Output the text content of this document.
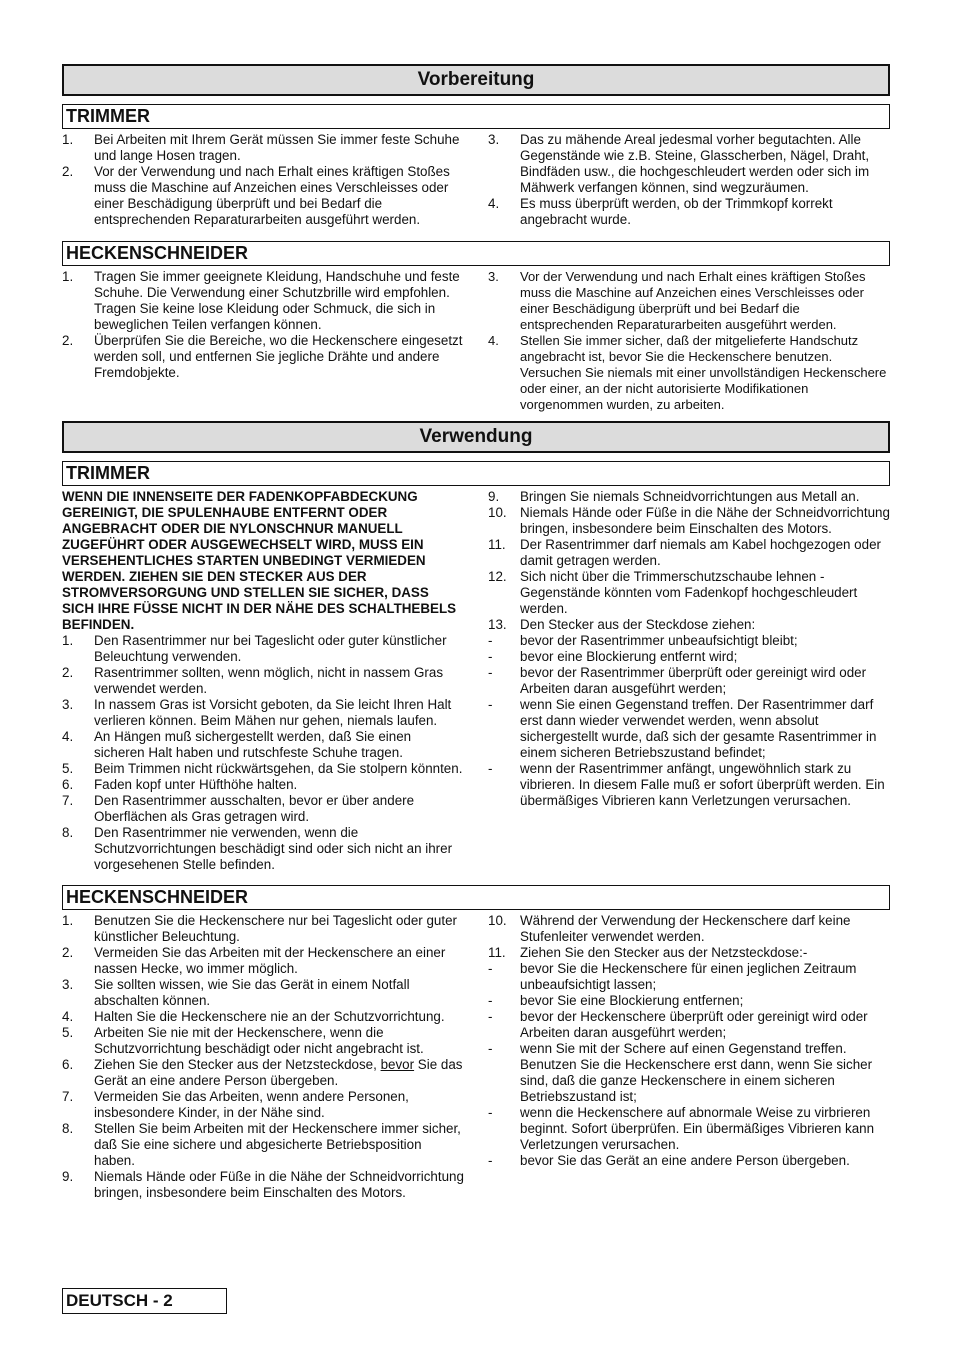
Vorbereitung
TRIMMER
1.	Bei Arbeiten mit Ihrem Gerät müssen Sie immer feste Schuhe und lange Hosen tragen.
2.	Vor der Verwendung und nach Erhalt eines kräftigen Stoßes muss die Maschine auf Anzeichen eines Verschleisses oder einer Beschädigung überprüft und bei Bedarf die entsprechenden Reparaturarbeiten ausgeführt werden.
3.	Das zu mähende Areal jedesmal vorher begutachten. Alle Gegenstände wie z.B. Steine, Glasscherben, Nägel, Draht, Bindfäden usw., die hochgeschleudert werden oder sich im Mähwerk verfangen können, sind wegzuräumen.
4.	Es muss überprüft werden, ob der Trimmkopf korrekt angebracht wurde.
HECKENSCHNEIDER
1.	Tragen Sie immer geeignete Kleidung, Handschuhe und feste Schuhe. Die Verwendung einer Schutzbrille wird empfohlen. Tragen Sie keine lose Kleidung oder Schmuck, die sich in beweglichen Teilen verfangen können.
2.	Überprüfen Sie die Bereiche, wo die Heckenschere eingesetzt werden soll, und entfernen Sie jegliche Drähte und andere Fremdobjekte.
3.	Vor der Verwendung und nach Erhalt eines kräftigen Stoßes muss die Maschine auf Anzeichen eines Verschleisses oder einer Beschädigung überprüft und bei Bedarf die entsprechenden Reparaturarbeiten ausgeführt werden.
4.	Stellen Sie immer sicher, daß der mitgelieferte Handschutz angebracht ist, bevor Sie die Heckenschere benutzen. Versuchen Sie niemals mit einer unvollständigen Heckenschere oder einer, an der nicht autorisierte Modifikationen vorgenommen wurden, zu arbeiten.
Verwendung
TRIMMER
WENN DIE INNENSEITE DER FADENKOPFABDECKUNG GEREINIGT, DIE SPULENHAUBE ENTFERNT ODER ANGEBRACHT ODER DIE NYLONSCHNUR MANUELL ZUGEFÜHRT ODER AUSGEWECHSELT WIRD, MUSS EIN VERSEHENTLICHES STARTEN UNBEDINGT VERMIEDEN WERDEN. ZIEHEN SIE DEN STECKER AUS DER STROMVERSORGUNG UND STELLEN SIE SICHER, DASS SICH IHRE FÜSSE NICHT IN DER NÄHE DES SCHALTHEBELS BEFINDEN.
1.	Den Rasentrimmer nur bei Tageslicht oder guter künstlicher Beleuchtung verwenden.
2.	Rasentrimmer sollten, wenn möglich, nicht in nassem Gras verwendet werden.
3.	In nassem Gras ist Vorsicht geboten, da Sie leicht Ihren Halt verlieren können. Beim Mähen nur gehen, niemals laufen.
4.	An Hängen muß sichergestellt werden, daß Sie einen sicheren Halt haben und rutschfeste Schuhe tragen.
5.	Beim Trimmen nicht rückwärtsgehen, da Sie stolpern könnten.
6.	Faden kopf unter Hüfthöhe halten.
7.	Den Rasentrimmer ausschalten, bevor er über andere Oberflächen als Gras getragen wird.
8.	Den Rasentrimmer nie verwenden, wenn die Schutzvorrichtungen beschädigt sind oder sich nicht an ihrer vorgesehenen Stelle befinden.
9.	Bringen Sie niemals Schneidvorrichtungen aus Metall an.
10. Niemals Hände oder Füße in die Nähe der Schneidvorrichtung bringen, insbesondere beim Einschalten des Motors.
11.	Der Rasentrimmer darf niemals am Kabel hochgezogen oder damit getragen werden.
12. Sich nicht über die Trimmerschutzschaube lehnen - Gegenstände könnten vom Fadenkopf hochgeschleudert werden.
13. Den Stecker aus der Steckdose ziehen:
-	bevor der Rasentrimmer unbeaufsichtigt bleibt;
-	bevor eine Blockierung entfernt wird;
-	bevor der Rasentrimmer überprüft oder gereinigt wird oder Arbeiten daran ausgeführt werden;
-	wenn Sie einen Gegenstand treffen. Der Rasentrimmer darf erst dann wieder verwendet werden, wenn absolut sichergestellt wurde, daß sich der gesamte Rasentrimmer in einem sicheren Betriebszustand befindet;
-	wenn der Rasentrimmer anfängt, ungewöhnlich stark zu vibrieren. In diesem Falle muß er sofort überprüft werden. Ein übermäßiges Vibrieren kann Verletzungen verursachen.
HECKENSCHNEIDER
1.	Benutzen Sie die Heckenschere nur bei Tageslicht oder guter künstlicher Beleuchtung.
2.	Vermeiden Sie das Arbeiten mit der Heckenschere an einer nassen Hecke, wo immer möglich.
3.	Sie sollten wissen, wie Sie das Gerät in einem Notfall abschalten können.
4.	Halten Sie die Heckenschere nie an der Schutzvorrichtung.
5.	Arbeiten Sie nie mit der Heckenschere, wenn die Schutzvorrichtung beschädigt oder nicht angebracht ist.
6.	Ziehen Sie den Stecker aus der Netzsteckdose, bevor Sie das Gerät an eine andere Person übergeben.
7.	Vermeiden Sie das Arbeiten, wenn andere Personen, insbesondere Kinder, in der Nähe sind.
8.	Stellen Sie beim Arbeiten mit der Heckenschere immer sicher, daß Sie eine sichere und abgesicherte Betriebsposition haben.
9.	Niemals Hände oder Füße in die Nähe der Schneidvorrichtung bringen, insbesondere beim Einschalten des Motors.
10. Während der Verwendung der Heckenschere darf keine Stufenleiter verwendet werden.
11.	Ziehen Sie den Stecker aus der Netzsteckdose:-
-	bevor Sie die Heckenschere für einen jeglichen Zeitraum unbeaufsichtigt lassen;
-	bevor Sie eine Blockierung entfernen;
-	bevor der Heckenschere überprüft oder gereinigt wird oder Arbeiten daran ausgeführt werden;
-	wenn Sie mit der Schere auf einen Gegenstand treffen. Benutzen Sie die Heckenschere erst dann, wenn Sie sicher sind, daß die ganze Heckenschere in einem sicheren Betriebszustand ist;
-	wenn die Heckenschere auf abnormale Weise zu virbrieren beginnt. Sofort überprüfen. Ein übermäßiges Vibrieren kann Verletzungen verursachen.
-	bevor Sie das Gerät an eine andere Person übergeben.
DEUTSCH - 2
